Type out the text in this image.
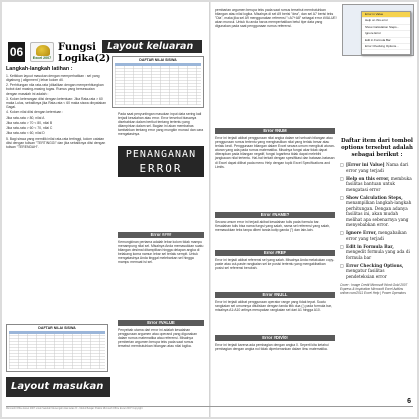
06	Excel 2007
Fungsi
Logika(2)
Langkah-langkah latihan :

1. Ketikkan layout masukan dengan memperhatikan : sel yang digabung ( alignment ) lebar kolom dll.

2. Perhitungan nila rata-rata (dikalikan dengan memperhitungkan bobot dari masing-masing tugas. Rumus yang bersesuaian dengan masalah ini adalah :

3. Kolom keterangan diisi dengan ketentuan: Jika Rata-rata > 60 maka Lulus, sebaliknya jika Rata-rata < 60 maka siswa dinyatakan Gagal.

4. Kolom nilai diisi dengan ketentuan :

Jika rata-rata > 80, nilai A

Jika rata-rata > 70 < 80, nilai B

Jika rata-rata > 60 < 70, nilai C

Jika rata-rata < 60, nilai D

5. Bagi siswa yang memiliki nilai rata-rata tertinggi, kolom catatan diisi dengan tulisan "TERTINGGI" dan jika sebaliknya diisi dengan tulisan "TERENDAH".

Layout keluaran
DAFTAR NILAI SISWA

Pada saat penyuntingan masukan input data sering kali terjadi kesalahan atau error. Error tersebut biasanya disebabkan dalam berikut tentang tertentu yang dilampirkan dalam sel. Bagian ini akan membahas tambahkan tentang error yang mungkin muncul dan cara mengatasinya.

PENANGANAN
ERROR
Error ####

Kemungkinan pertama adalah lebar kolom tidak mampu menampung nilai sel. Misalnya Anda memasukkan suatu bilangan desimal ditampilkan hingga delapan angka di belakang koma namun lebar sel terlalu sempit. Untuk mengatasinya Anda tinggal melebarkan sel hingga mampu memuat isi sel.

Error #VALUE

Penyebab utama dari error ini adalah kesalahan penggunaan argumen atau operand yang digunakan dalam rumus matematika atau referensi. Misalnya pemberian argumen berupa teks pada saat rumus tersebut membutuhkan bilangan atau nilai logika.

DAFTAR NILAI SISWA
Layout masukan

pembarian argumen berupa teks pada saat rumus tersebut membutuhkan bilangan atau nilai logika. Misalnya di sel A9 berisi "dea", dan sel A7 berisi teks "Dia", maka jika sel A9 menggunakan referensi "=A7+A8" sebagai error #VALUE! akan muncul. Untuk itu anda harus memperhatikan betul tipe data yang digunakan pada saat penggunaan rumus referensi.

Error in Value
Help on this error
Show Calculation Steps...
Ignore Error
Edit in Formula Bar
Error Checking Options...
Error #NUM

Error ini terjadi akibat penggunaan nilai angka dalam sel sebuah bilangan atau penggunaan rumus tertentu yang menghasilkan nilai yang terlalu besar atau terlalu kecil. Penggunaan bilangan dalam Excel secara umum mengikuti aturan-aturan yang ada pada rumus matematika. Misalnya fungsi akar tidak dapat diterapkan pada bilangan negatif, fungsi logaritma tidak dapat melebihi jangkauan nilai tertentu. Hal-hal terkait dengan spesifikasi dan batasan-batasan di Excel dapat dilihat pada menu Help dengan topik Excel Specifications and Limits.

Error #NAME?

Secara umum error ini terjadi akibat kesalahan tulis pada formula bar. Kesalahan tulis bisa nama fungsi yang salah, nama sel referensi yang salah, memasukkan teks tanpa diberi tanda kutip ganda (") dan lain-lain.

Error #REF

Error ini terjadi akibat referensi sel yang salah. Misalnya Anda melakukan copy-paste atau cut-paste rangkaian sel ke posisi tertentu yang mengakibatkan posisi sel referensi berubah.

Error #NULL

Error ini terjadi akibat penggunaan operator range yang tidak tepat. Suatu rangkaian sel umumnya dituliskan dengan tanda titik dua (:) pada formula bar, misalnya A1:A10 artinya merupakan rangkaian sel dari A1 hingga A10.

Error #DIV/0!

Error ini terjadi karena ada pembagian dengan angka 0. Seperti kita ketahui pembagian dengan angka nol tidak diperkenankan dalam ilmu matematika.

Daftar item dari tombol options tersebut adalah sebagai berikut :
□ [Error ini Value] Nama dari error yang terjadi
□ Help on this error, membuka fasilitas bantuan untuk mengatasi error
□ Show Calculation Steps, menampilkan langkah-langkah perhitungan. Dengan adanya fasilitas ini, akan mudah melihat apa sebenarnya yang menyebabkan error.
□ Ignore Error, mengabaikan error yang terjadi
□ Edit in Formula Bar, mengedit formula yang ada di formula bar
□ Error Checking Options, mengatur fasilitas pendeteksian error
Cover : Image Credit Microsoft Word Gold 2007 Express & Inspiration Microsoft Excel Addins online.com/2011 Excel Help | Power Operators
6
Microsoft Office Excel 2007 untuk Sekolah Menengah Atas kelas XI - Modul Belajar Praktis Microsoft Office Excel 2007 Copyright
